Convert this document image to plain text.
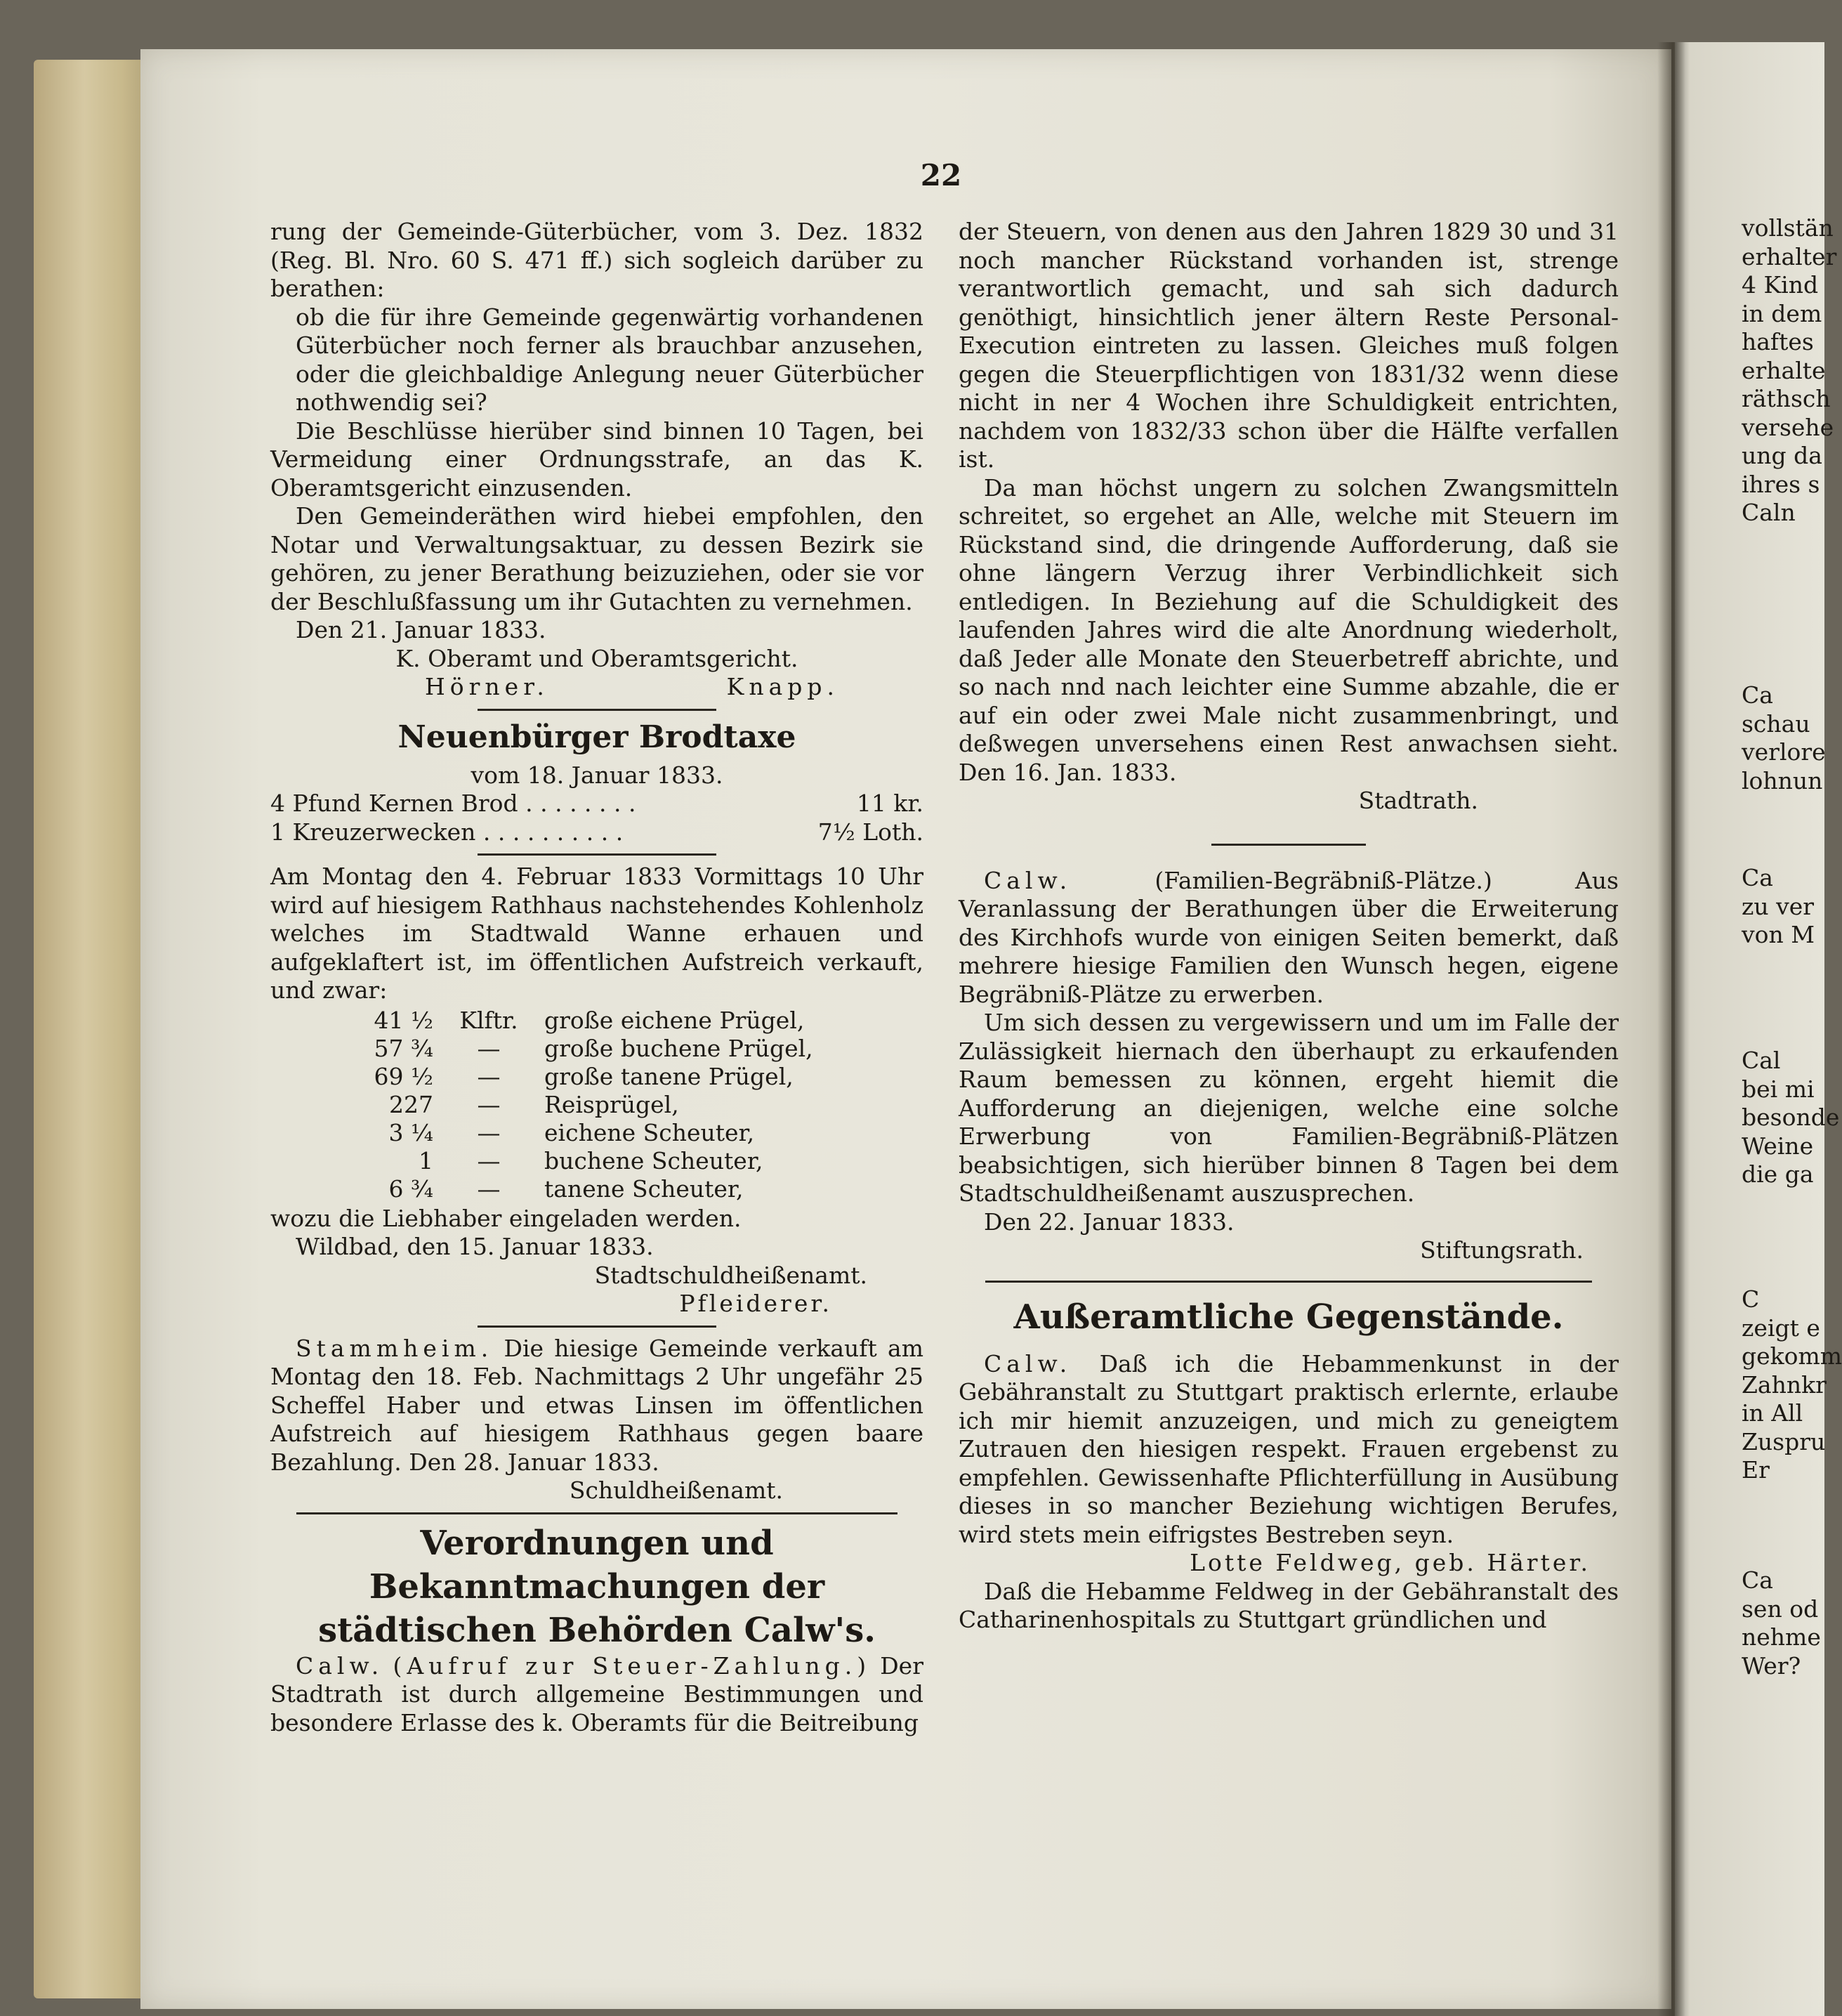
vollstän
erhalter
4 Kind
in dem
haftes
erhalte
räthsch
versehe
ung da
ihres s
Caln
Ca
schau
verlore
lohnun
Ca
zu ver
von M
Cal
bei mi
besonde
Weine
die ga
C
zeigt e
gekomm
Zahnkr
in All
Zuspru
Er
Ca
sen od
nehme
Wer?
22

rung der Gemeinde-Güterbücher, vom 3. Dez. 1832 (Reg. Bl. Nro. 60 S. 471 ff.) sich sogleich darüber zu berathen:

ob die für ihre Gemeinde gegenwärtig vorhandenen Güterbücher noch ferner als brauchbar anzusehen, oder die gleichbaldige Anlegung neuer Güterbücher nothwendig sei?

Die Beschlüsse hierüber sind binnen 10 Tagen, bei Vermeidung einer Ordnungsstrafe, an das K. Oberamtsgericht einzusenden.

Den Gemeinderäthen wird hiebei empfohlen, den Notar und Verwaltungsaktuar, zu dessen Bezirk sie gehören, zu jener Berathung beizuziehen, oder sie vor der Beschlußfassung um ihr Gutachten zu vernehmen.

Den 21. Januar 1833.

K. Oberamt und Oberamtsgericht.

Hörner.	Knapp.

Neuenbürger Brodtaxe

vom 18. Januar 1833.

4 Pfund Kernen Brod . . . . . . . .	11 kr.

1 Kreuzerwecken . . . . . . . . . .	7½ Loth.

Am Montag den 4. Februar 1833 Vormittags 10 Uhr wird auf hiesigem Rathhaus nachstehendes Kohlenholz welches im Stadtwald Wanne erhauen und aufgeklaftert ist, im öffentlichen Aufstreich verkauft, und zwar:

41 ½	Klftr.	große eichene Prügel,
57 ¾	—	große buchene Prügel,
69 ½	—	große tanene Prügel,
227	—	Reisprügel,
3 ¼	—	eichene Scheuter,
1	—	buchene Scheuter,
6 ¾	—	tanene Scheuter,

wozu die Liebhaber eingeladen werden.

Wildbad, den 15. Januar 1833.

Stadtschuldheißenamt.

Pfleiderer.

Stammheim. Die hiesige Gemeinde verkauft am Montag den 18. Feb. Nachmittags 2 Uhr ungefähr 25 Scheffel Haber und etwas Linsen im öffentlichen Aufstreich auf hiesigem Rathhaus gegen baare Bezahlung. Den 28. Januar 1833.

Schuldheißenamt.

Verordnungen und Bekanntmachungen der städtischen Behörden Calw's.

Calw. (Aufruf zur Steuer-Zahlung.) Der Stadtrath ist durch allgemeine Bestimmungen und besondere Erlasse des k. Oberamts für die Beitreibung

der Steuern, von denen aus den Jahren 1829 30 und 31 noch mancher Rückstand vorhanden ist, strenge verantwortlich gemacht, und sah sich dadurch genöthigt, hinsichtlich jener ältern Reste Personal-Execution eintreten zu lassen. Gleiches muß folgen gegen die Steuerpflichtigen von 1831/32 wenn diese nicht in ner 4 Wochen ihre Schuldigkeit entrichten, nachdem von 1832/33 schon über die Hälfte verfallen ist.

Da man höchst ungern zu solchen Zwangsmitteln schreitet, so ergehet an Alle, welche mit Steuern im Rückstand sind, die dringende Aufforderung, daß sie ohne längern Verzug ihrer Verbindlichkeit sich entledigen. In Beziehung auf die Schuldigkeit des laufenden Jahres wird die alte Anordnung wiederholt, daß Jeder alle Monate den Steuerbetreff abrichte, und so nach nnd nach leichter eine Summe abzahle, die er auf ein oder zwei Male nicht zusammenbringt, und deßwegen unversehens einen Rest anwachsen sieht. Den 16. Jan. 1833.

Stadtrath.

Calw.	(Familien-Begräbniß-Plätze.)	Aus Veranlassung der Berathungen über die Erweiterung des Kirchhofs wurde von einigen Seiten bemerkt, daß mehrere hiesige Familien den Wunsch hegen, eigene Begräbniß-Plätze zu erwerben.

Um sich dessen zu vergewissern und um im Falle der Zulässigkeit hiernach den überhaupt zu erkaufenden Raum bemessen zu können, ergeht hiemit die Aufforderung an diejenigen, welche eine solche Erwerbung von Familien-Begräbniß-Plätzen beabsichtigen, sich hierüber binnen 8 Tagen bei dem Stadtschuldheißenamt auszusprechen.

Den 22. Januar 1833.

Stiftungsrath.

Außeramtliche Gegenstände.

Calw. Daß ich die Hebammenkunst in der Gebähranstalt zu Stuttgart praktisch erlernte, erlaube ich mir hiemit anzuzeigen, und mich zu geneigtem Zutrauen den hiesigen respekt. Frauen ergebenst zu empfehlen. Gewissenhafte Pflichterfüllung in Ausübung dieses in so mancher Beziehung wichtigen Berufes, wird stets mein eifrigstes Bestreben seyn.

Lotte Feldweg, geb. Härter.

Daß die Hebamme Feldweg in der Gebähranstalt des Catharinenhospitals zu Stuttgart gründlichen und
